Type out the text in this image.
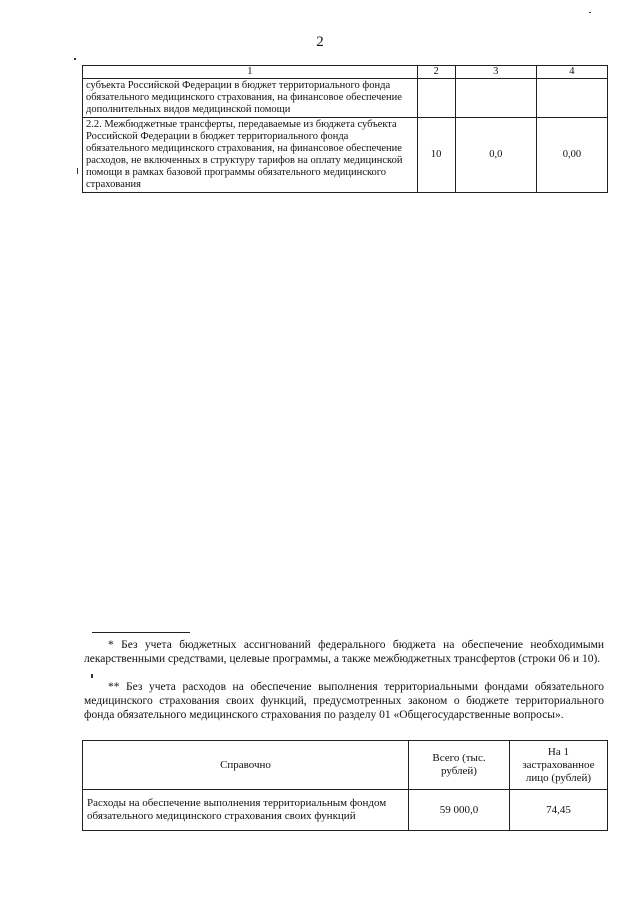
2
1	2	3	4
субъекта Российской Федерации в бюджет территориального фонда обязательного медицинского страхования, на финансовое обеспечение дополнительных видов медицинской помощи			
2.2. Межбюджетные трансферты, передаваемые из бюджета субъекта Российской Федерации в бюджет территориального фонда обязательного медицинского страхования, на финансовое обеспечение расходов, не включенных в структуру тарифов на оплату медицинской помощи в рамках базовой программы обязательного медицинского страхования	10	0,0	0,00

* Без учета бюджетных ассигнований федерального бюджета на обеспечение необходимыми лекарственными средствами, целевые программы, а также межбюджетных трансфертов (строки 06 и 10).

** Без учета расходов на обеспечение выполнения территориальными фондами обязательного медицинского страхования своих функций, предусмотренных законом о бюджете территориального фонда обязательного медицинского страхования по разделу 01 «Общегосударственные вопросы».

Справочно	Всего (тыс. рублей)	На 1 застрахованное лицо (рублей)
Расходы на обеспечение выполнения территориальным фондом обязательного медицинского страхования своих функций	59 000,0	74,45
